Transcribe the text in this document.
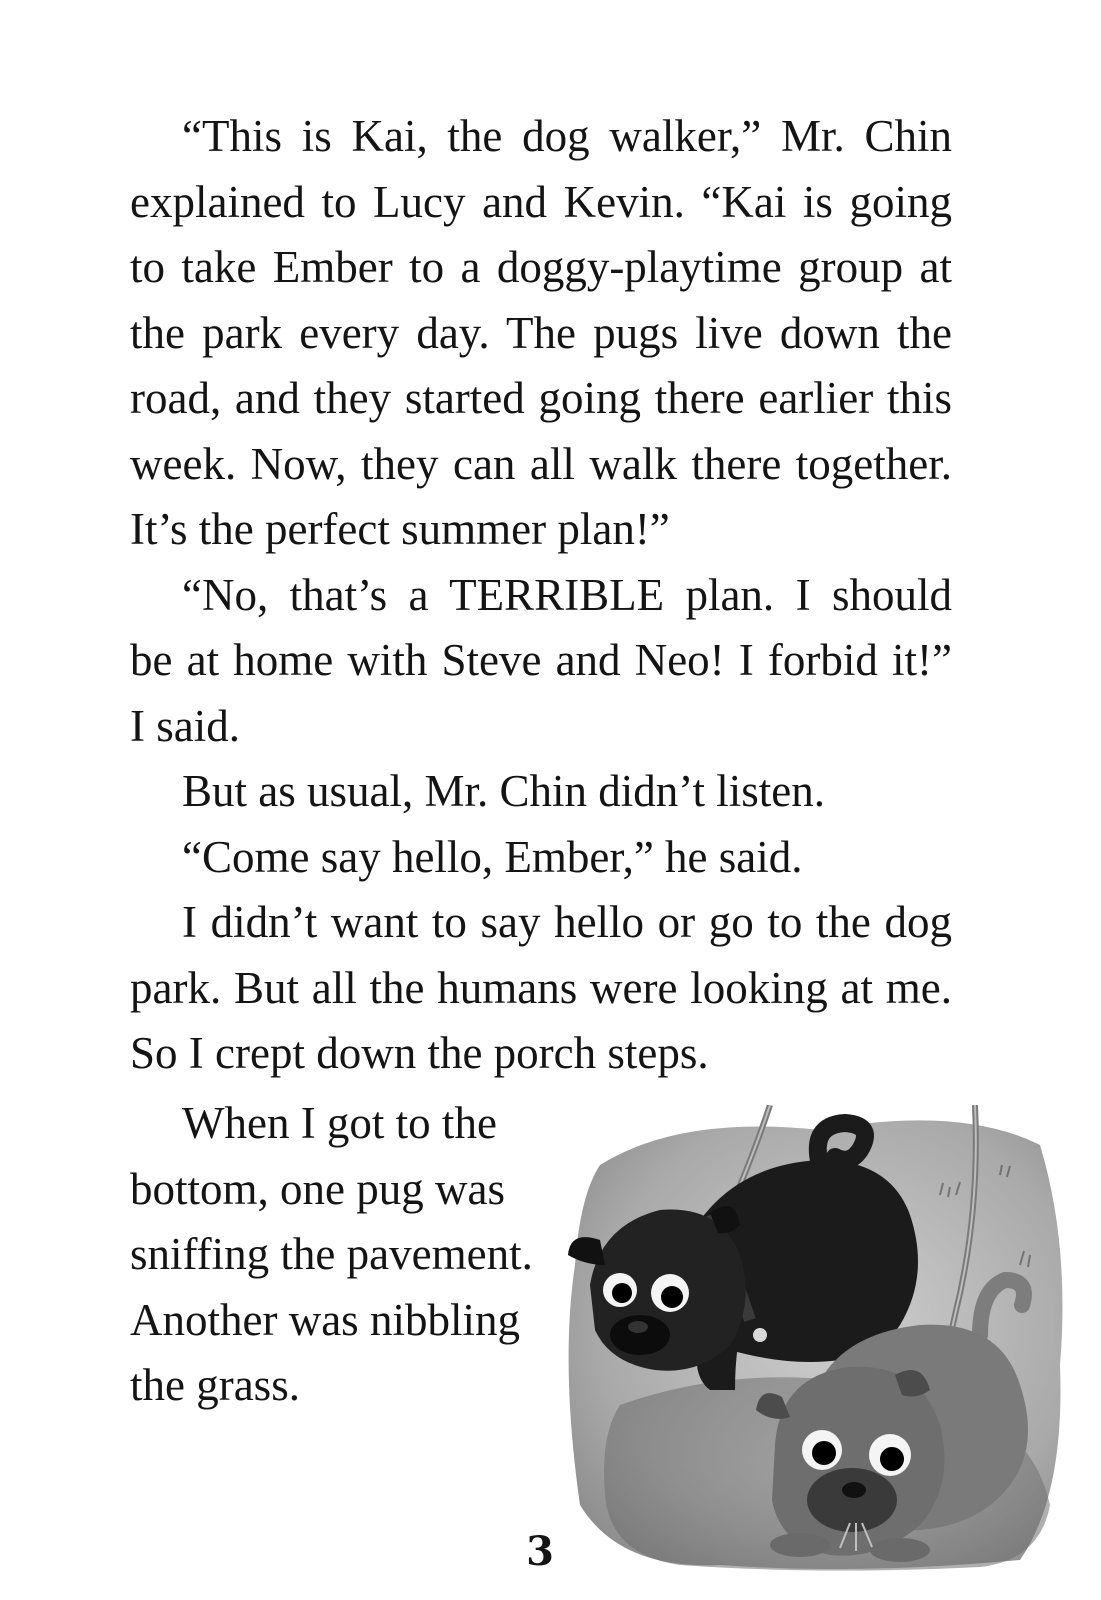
“This is Kai, the dog walker,” Mr. Chin
explained to Lucy and Kevin. “Kai is going
to take Ember to a doggy-playtime group at
the park every day. The pugs live down the
road, and they started going there earlier this
week. Now, they can all walk there together.
It’s the perfect summer plan!”
“No, that’s a TERRIBLE plan. I should
be at home with Steve and Neo! I forbid it!”
I said.
But as usual, Mr. Chin didn’t listen.
“Come say hello, Ember,” he said.
I didn’t want to say hello or go to the dog
park. But all the humans were looking at me.
So I crept down the porch steps.
When I got to the
bottom, one pug was
sniffing the pavement.
Another was nibbling
the grass.
3
